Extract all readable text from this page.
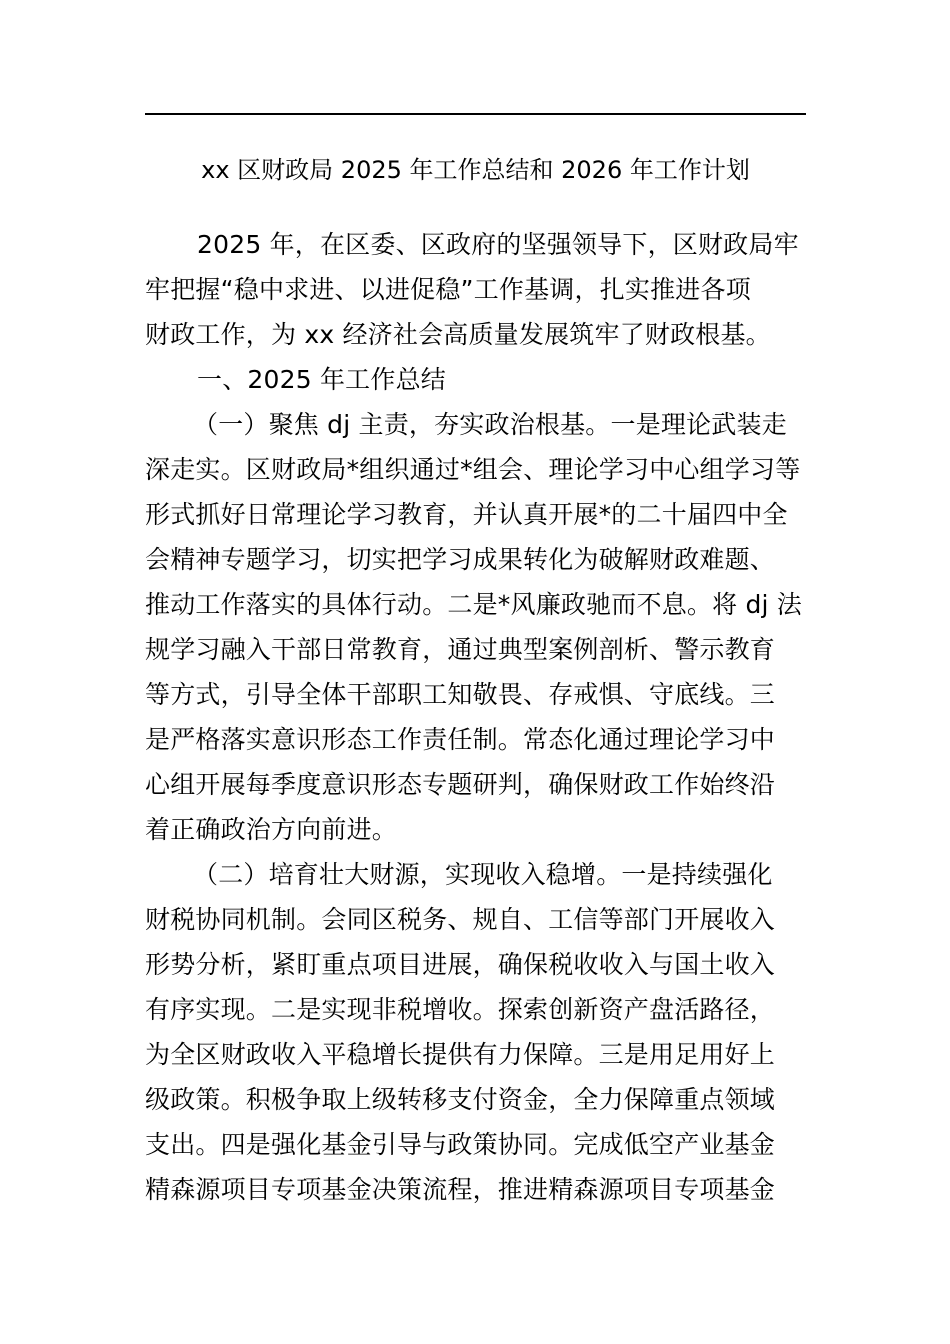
xx 区财政局 2025 年工作总结和 2026 年工作计划
2025 年，在区委、区政府的坚强领导下，区财政局牢
牢把握“稳中求进、以进促稳”工作基调，扎实推进各项
财政工作，为 xx 经济社会高质量发展筑牢了财政根基。
一、2025 年工作总结
（一）聚焦 dj 主责，夯实政治根基。一是理论武装走
深走实。区财政局*组织通过*组会、理论学习中心组学习等
形式抓好日常理论学习教育，并认真开展*的二十届四中全
会精神专题学习，切实把学习成果转化为破解财政难题、
推动工作落实的具体行动。二是*风廉政驰而不息。将 dj 法
规学习融入干部日常教育，通过典型案例剖析、警示教育
等方式，引导全体干部职工知敬畏、存戒惧、守底线。三
是严格落实意识形态工作责任制。常态化通过理论学习中
心组开展每季度意识形态专题研判，确保财政工作始终沿
着正确政治方向前进。
（二）培育壮大财源，实现收入稳增。一是持续强化
财税协同机制。会同区税务、规自、工信等部门开展收入
形势分析，紧盯重点项目进展，确保税收收入与国土收入
有序实现。二是实现非税增收。探索创新资产盘活路径，
为全区财政收入平稳增长提供有力保障。三是用足用好上
级政策。积极争取上级转移支付资金，全力保障重点领域
支出。四是强化基金引导与政策协同。完成低空产业基金
精森源项目专项基金决策流程，推进精森源项目专项基金
